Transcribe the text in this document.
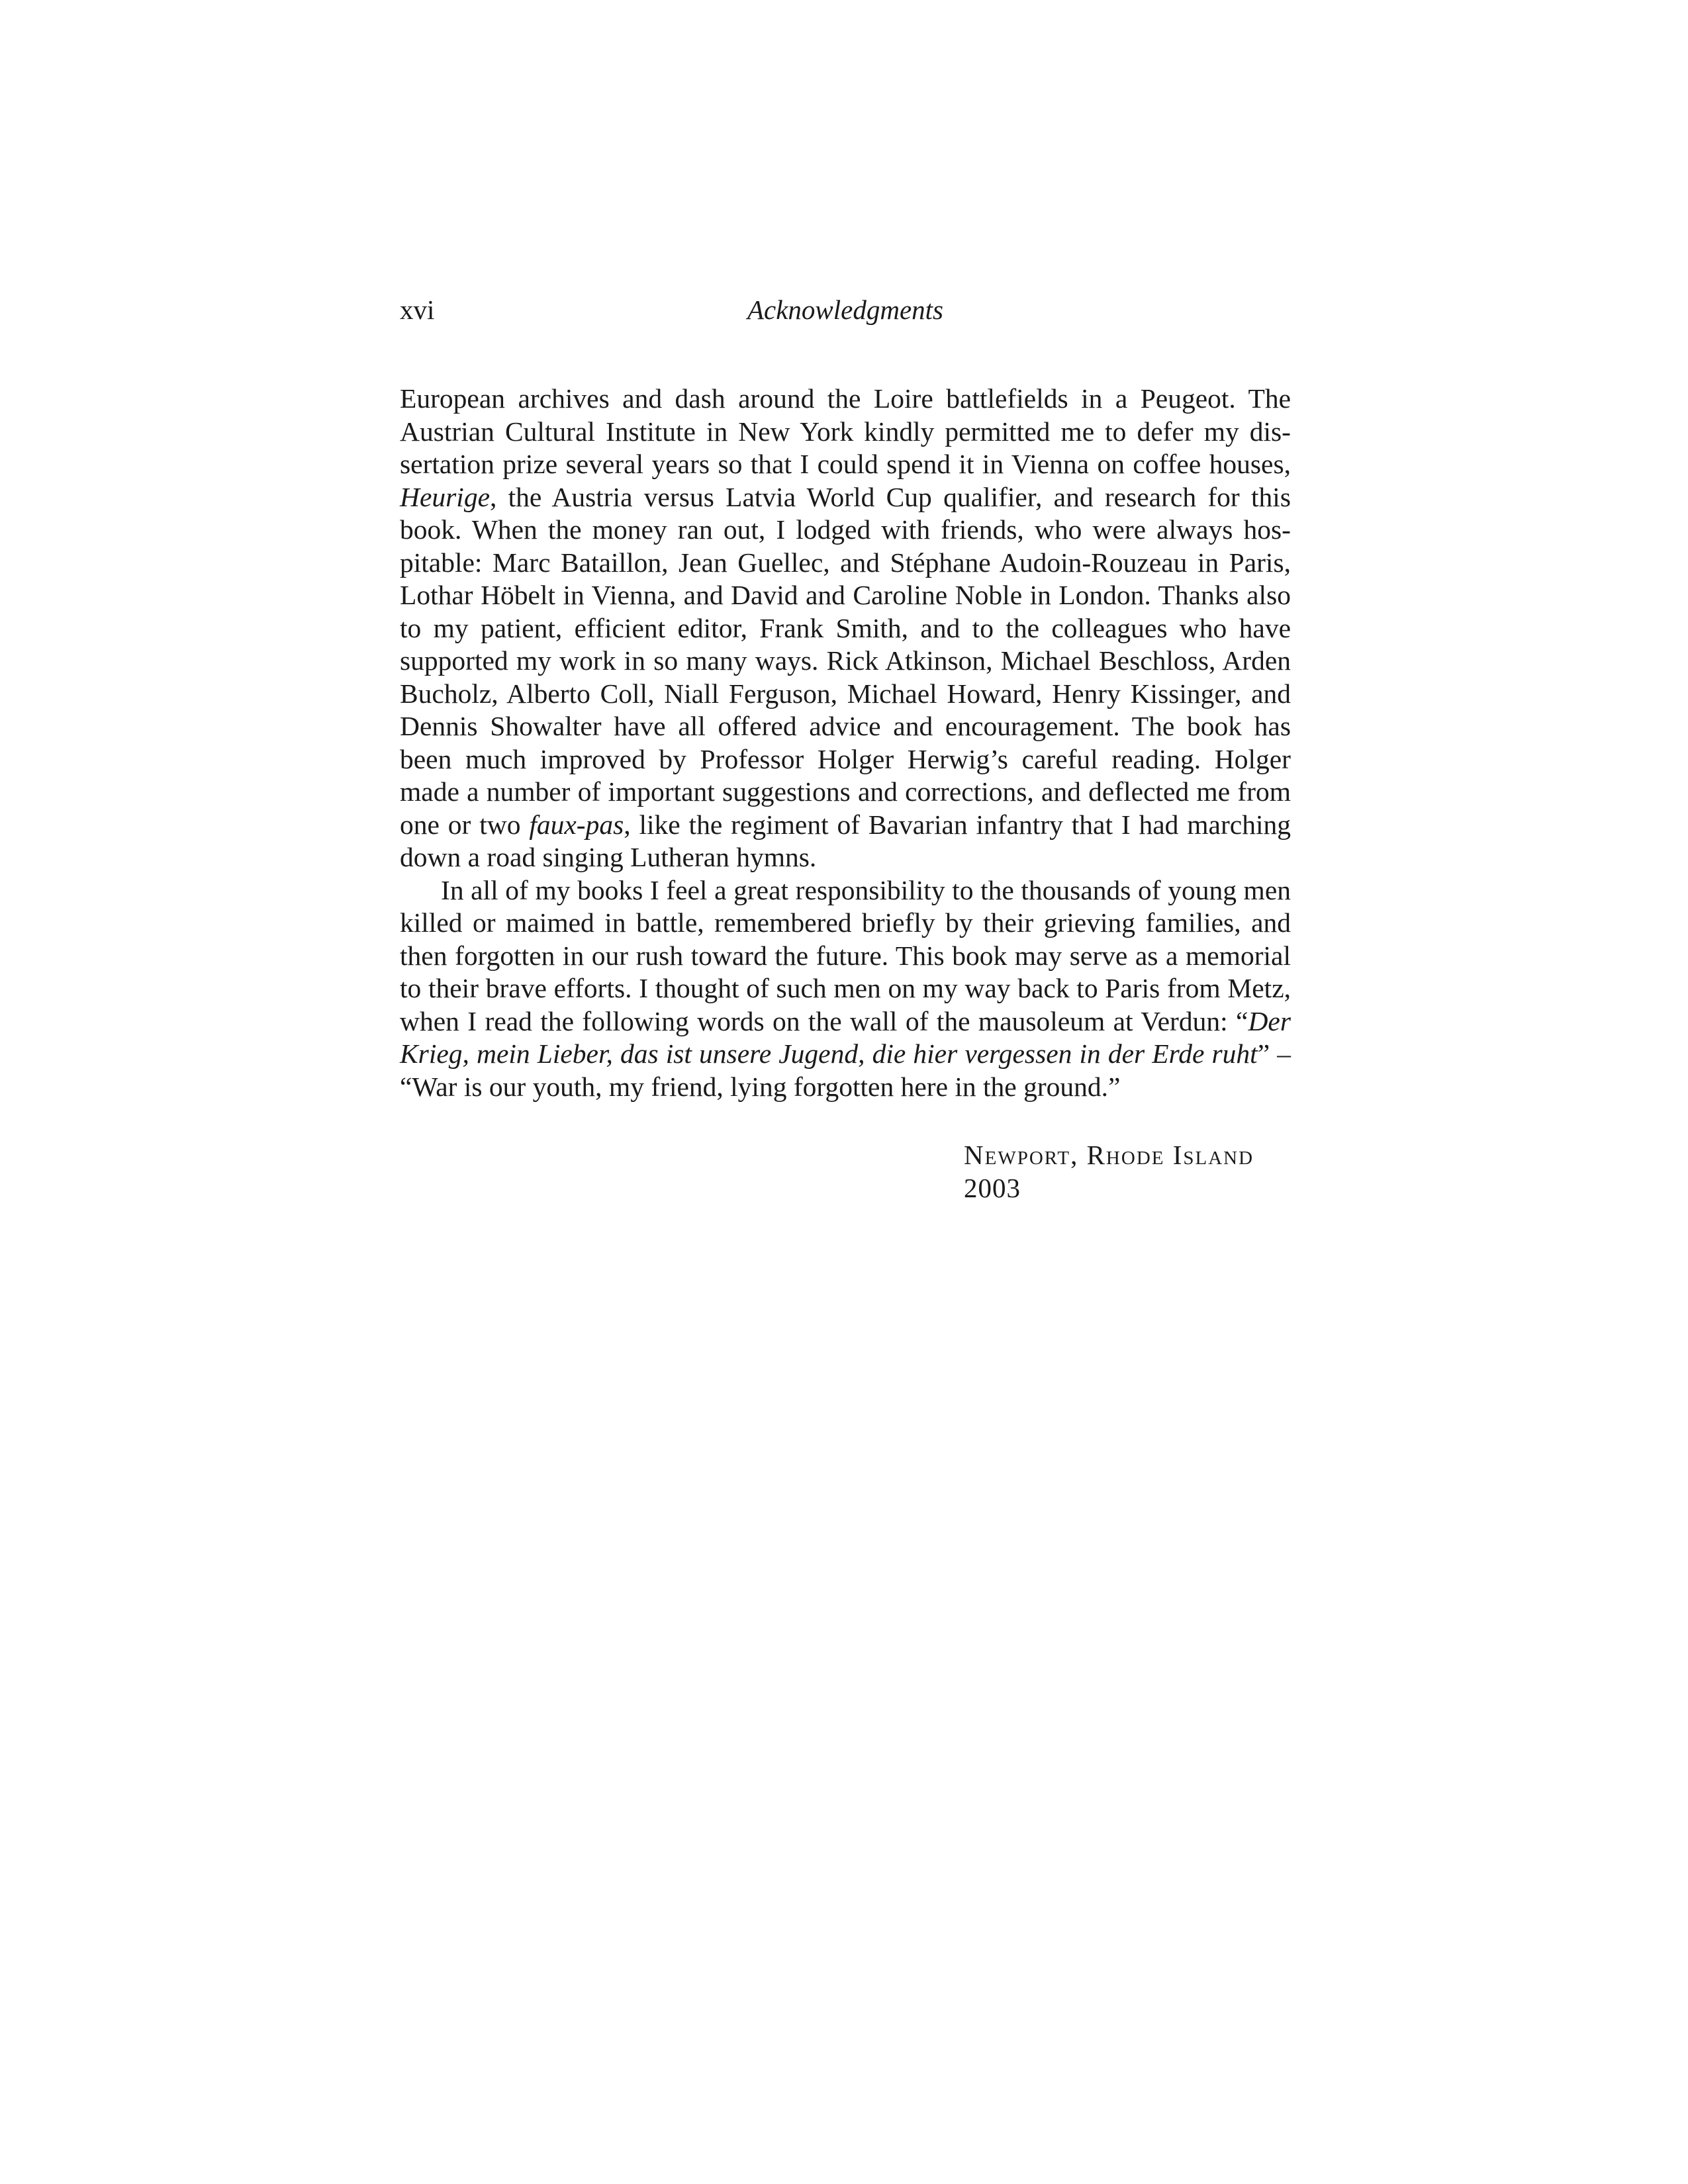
xvi	Acknowledgments

European archives and dash around the Loire battlefields in a Peugeot. The Austrian Cultural Institute in New York kindly permitted me to defer my dissertation prize several years so that I could spend it in Vienna on coffee houses, Heurige, the Austria versus Latvia World Cup qualifier, and research for this book. When the money ran out, I lodged with friends, who were always hospitable: Marc Bataillon, Jean Guellec, and Stéphane Audoin-Rouzeau in Paris, Lothar Höbelt in Vienna, and David and Caroline Noble in London. Thanks also to my patient, efficient editor, Frank Smith, and to the colleagues who have supported my work in so many ways. Rick Atkinson, Michael Beschloss, Arden Bucholz, Alberto Coll, Niall Ferguson, Michael Howard, Henry Kissinger, and Dennis Showalter have all offered advice and encouragement. The book has been much improved by Professor Holger Herwig’s careful reading. Holger made a number of important suggestions and corrections, and deflected me from one or two faux-pas, like the regiment of Bavarian infantry that I had marching down a road singing Lutheran hymns.

In all of my books I feel a great responsibility to the thousands of young men killed or maimed in battle, remembered briefly by their grieving families, and then forgotten in our rush toward the future. This book may serve as a memorial to their brave efforts. I thought of such men on my way back to Paris from Metz, when I read the following words on the wall of the mausoleum at Verdun: “Der Krieg, mein Lieber, das ist unsere Jugend, die hier vergessen in der Erde ruht” – “War is our youth, my friend, lying forgotten here in the ground.”

Newport, Rhode Island
2003
